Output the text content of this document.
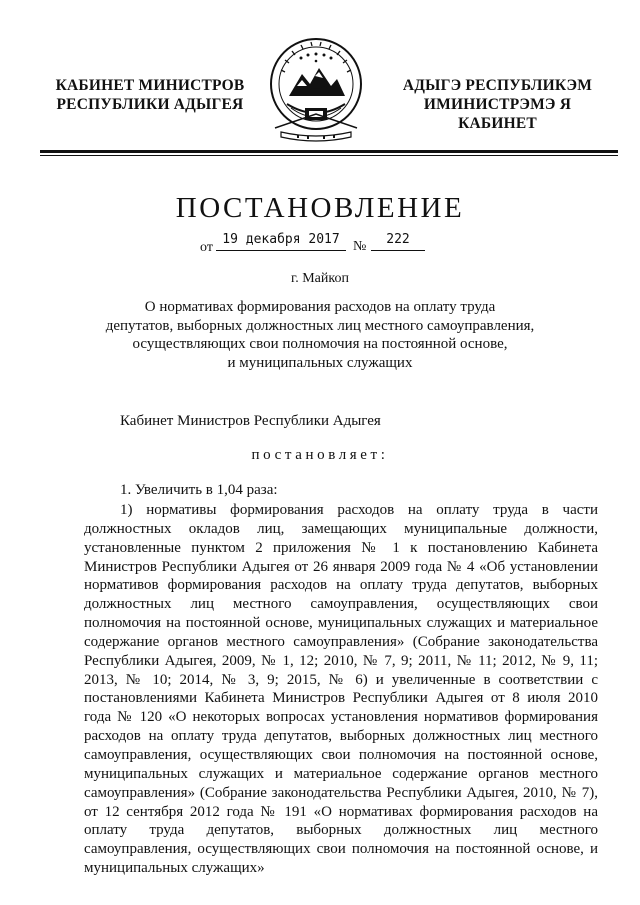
КАБИНЕТ МИНИСТРОВ
РЕСПУБЛИКИ АДЫГЕЯ
АДЫГЭ РЕСПУБЛИКЭМ
ИМИНИСТРЭМЭ Я КАБИНЕТ
ПОСТАНОВЛЕНИЕ
от
19 декабря 2017 №	222
г. Майкоп
О нормативах формирования расходов на оплату труда
депутатов, выборных должностных лиц местного самоуправления,
осуществляющих свои полномочия на постоянной основе,
и муниципальных служащих
Кабинет Министров Республики Адыгея
постановляет:
1. Увеличить в 1,04 раза:
1) нормативы формирования расходов на оплату труда в части должностных окладов лиц, замещающих муниципальные должности, установленные пунктом 2 приложения № 1 к постановлению Кабинета Министров Республики Адыгея от 26 января 2009 года № 4 «Об установлении нормативов формирования расходов на оплату труда депутатов, выборных должностных лиц местного самоуправления, осуществляющих свои полномочия на постоянной основе, муниципальных служащих и материальное содержание органов местного самоуправления» (Собрание законодательства Республики Адыгея, 2009, № 1, 12; 2010, № 7, 9; 2011, № 11; 2012, № 9, 11; 2013, № 10; 2014, № 3, 9; 2015, № 6) и увеличенные в соответствии с постановлениями Кабинета Министров Республики Адыгея от 8 июля 2010 года № 120 «О некоторых вопросах установления нормативов формирования расходов на оплату труда депутатов, выборных должностных лиц местного самоуправления, осуществляющих свои полномочия на постоянной основе, муниципальных служащих и материальное содержание органов местного самоуправления» (Собрание законодательства Республики Адыгея, 2010, № 7), от 12 сентября 2012 года № 191 «О нормативах формирования расходов на оплату труда депутатов, выборных должностных лиц местного самоуправления, осуществляющих свои полномочия на постоянной основе, и муниципальных служащих»
